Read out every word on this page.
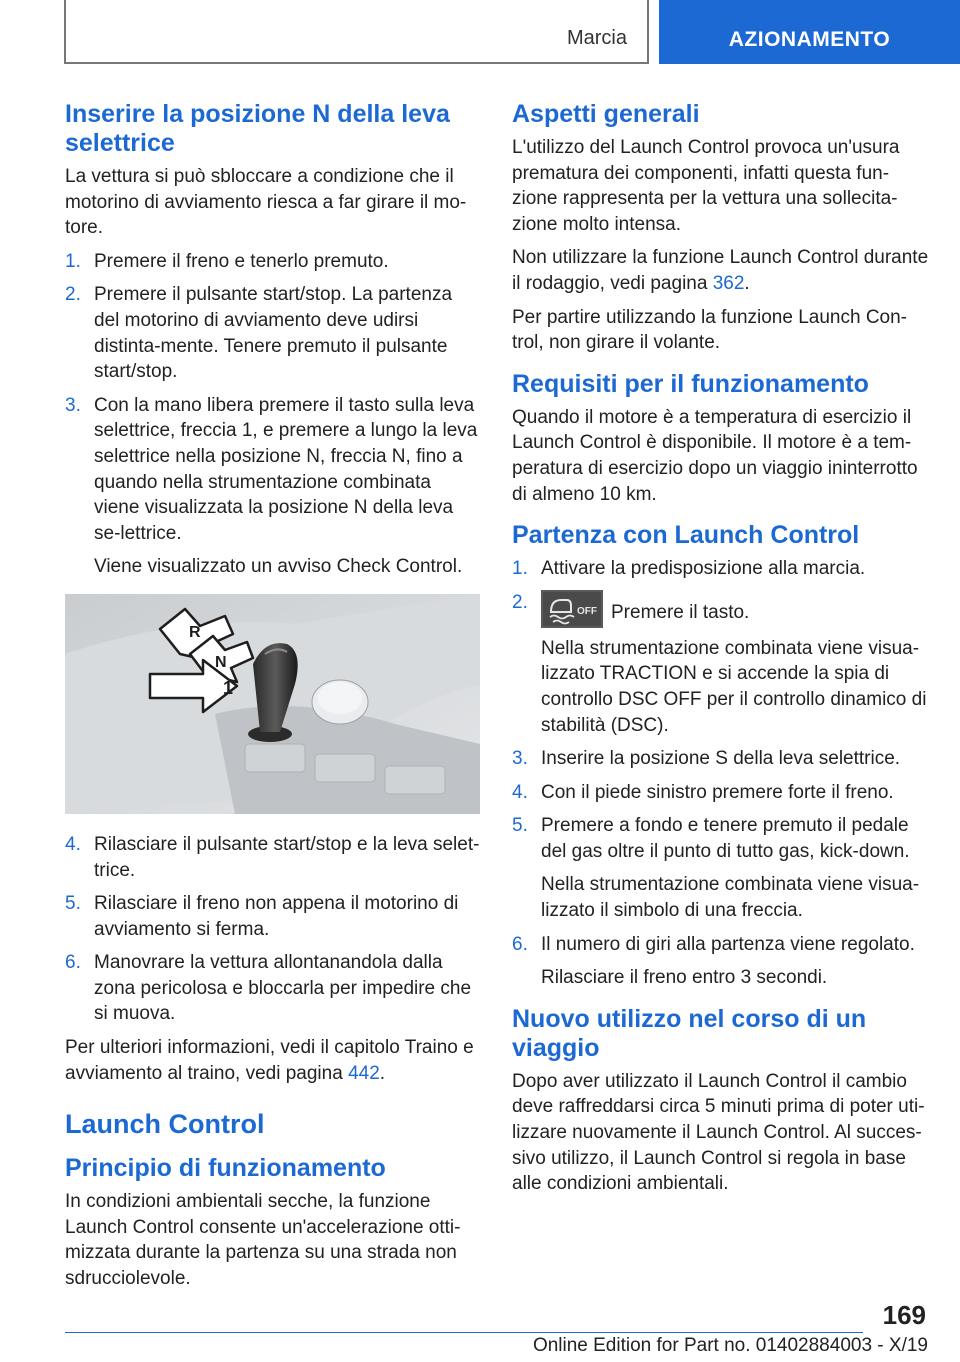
Marcia	AZIONAMENTO
Inserire la posizione N della leva selettrice

La vettura si può sbloccare a condizione che il motorino di avviamento riesca a far girare il mo-tore.

1. Premere il freno e tenerlo premuto.

2. Premere il pulsante start/stop. La partenza del motorino di avviamento deve udirsi distinta-mente. Tenere premuto il pulsante start/stop.

3. Con la mano libera premere il tasto sulla leva selettrice, freccia 1, e premere a lungo la leva selettrice nella posizione N, freccia N, fino a quando nella strumentazione combinata viene visualizzata la posizione N della leva se-lettrice.

Viene visualizzato un avviso Check Control.

R
N
1
4. Rilasciare il pulsante start/stop e la leva selet-trice.

5. Rilasciare il freno non appena il motorino di avviamento si ferma.

6. Manovrare la vettura allontanandola dalla zona pericolosa e bloccarla per impedire che si muova.

Per ulteriori informazioni, vedi il capitolo Traino e avviamento al traino, vedi pagina 442.

Launch Control
Principio di funzionamento

In condizioni ambientali secche, la funzione Launch Control consente un'accelerazione otti-mizzata durante la partenza su una strada non sdrucciolevole.

Aspetti generali

L'utilizzo del Launch Control provoca un'usura prematura dei componenti, infatti questa fun-zione rappresenta per la vettura una sollecita-zione molto intensa.

Non utilizzare la funzione Launch Control durante il rodaggio, vedi pagina 362.

Per partire utilizzando la funzione Launch Con-trol, non girare il volante.

Requisiti per il funzionamento

Quando il motore è a temperatura di esercizio il Launch Control è disponibile. Il motore è a tem-peratura di esercizio dopo un viaggio ininterrotto di almeno 10 km.

Partenza con Launch Control
1. Attivare la predisposizione alla marcia.

2.	OFF Premere il tasto.

Nella strumentazione combinata viene visua-lizzato TRACTION e si accende la spia di controllo DSC OFF per il controllo dinamico di stabilità (DSC).

3. Inserire la posizione S della leva selettrice.

4. Con il piede sinistro premere forte il freno.

5. Premere a fondo e tenere premuto il pedale del gas oltre il punto di tutto gas, kick-down.

Nella strumentazione combinata viene visua-lizzato il simbolo di una freccia.

6. Il numero di giri alla partenza viene regolato.

Rilasciare il freno entro 3 secondi.

Nuovo utilizzo nel corso di un viaggio

Dopo aver utilizzato il Launch Control il cambio deve raffreddarsi circa 5 minuti prima di poter uti-lizzare nuovamente il Launch Control. Al succes-sivo utilizzo, il Launch Control si regola in base alle condizioni ambientali.

169
Online Edition for Part no. 01402884003 - X/19
